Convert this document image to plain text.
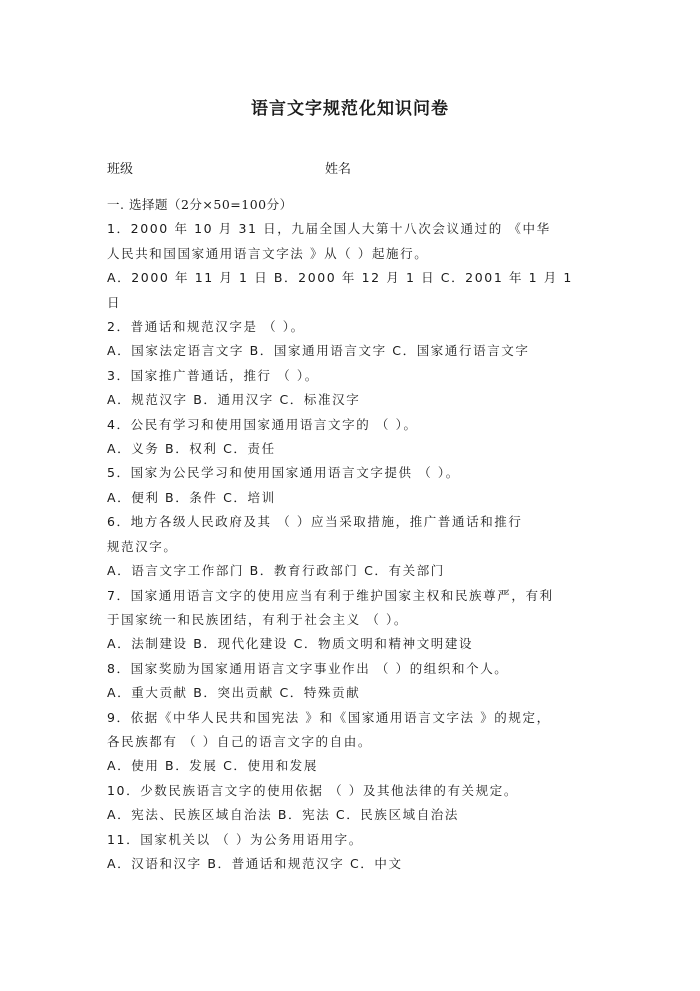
语言文字规范化知识问卷
班级	姓名
一. 选择题（2分×50=100分）
1．2000 年 10 月 31 日，九届全国人大第十八次会议通过的 《中华
人民共和国国家通用语言文字法 》从（ ）起施行。
A．2000 年 11 月 1 日 B．2000 年 12 月 1 日 C．2001 年 1 月 1
日
2．普通话和规范汉字是 （ ）。
A．国家法定语言文字 B．国家通用语言文字 C．国家通行语言文字
3．国家推广普通话，推行 （ ）。
A．规范汉字 B．通用汉字 C．标准汉字
4．公民有学习和使用国家通用语言文字的 （ ）。
A．义务 B．权利 C．责任
5．国家为公民学习和使用国家通用语言文字提供 （ ）。
A．便利 B．条件 C．培训
6．地方各级人民政府及其 （ ）应当采取措施，推广普通话和推行
规范汉字。
A．语言文字工作部门 B．教育行政部门 C．有关部门
7．国家通用语言文字的使用应当有利于维护国家主权和民族尊严，有利
于国家统一和民族团结，有利于社会主义 （ ）。
A．法制建设 B．现代化建设 C．物质文明和精神文明建设
8．国家奖励为国家通用语言文字事业作出 （ ）的组织和个人。
A．重大贡献 B．突出贡献 C．特殊贡献
9．依据《中华人民共和国宪法 》和《国家通用语言文字法 》的规定，
各民族都有 （ ）自己的语言文字的自由。
A．使用 B．发展 C．使用和发展
10．少数民族语言文字的使用依据 （ ）及其他法律的有关规定。
A．宪法、民族区域自治法 B．宪法 C．民族区域自治法
11．国家机关以 （ ）为公务用语用字。
A．汉语和汉字 B．普通话和规范汉字 C．中文
